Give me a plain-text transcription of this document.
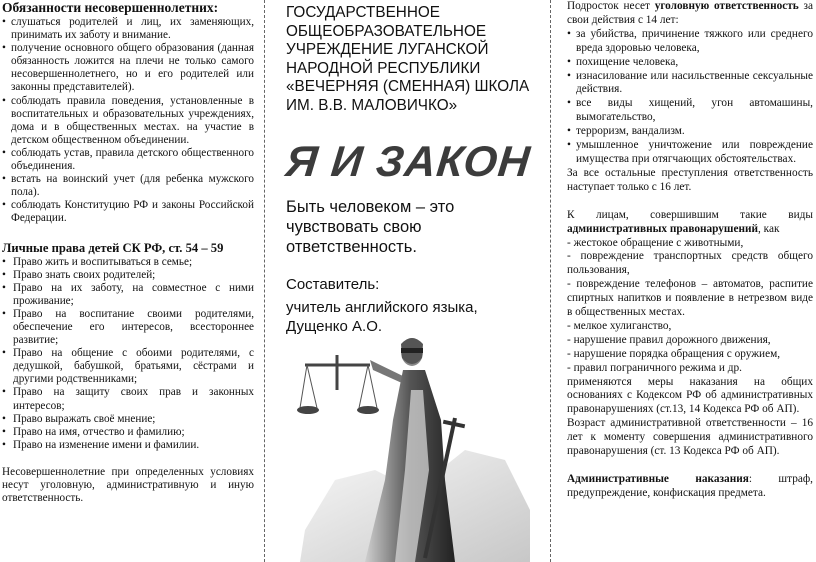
Обязанности несовершеннолетних:
• слушаться родителей и лиц, их заменяющих, принимать их заботу и внимание.
• получение основного общего образования (данная обязанность ложится на плечи не только самого несовершеннолетнего, но и его родителей или законны представителей).
• соблюдать правила поведения, установленные в воспитательных и образовательных учреждениях, дома и в общественных местах. на участие в детском общественном объединении.
• соблюдать устав, правила детского общественного объединения.
• встать на воинский учет (для ребенка мужского пола).
• соблюдать Конституцию РФ и законы Российской Федерации.
Личные права детей СК РФ, ст. 54 – 59
• Право жить и воспитываться в семье;
• Право знать своих родителей;
• Право на их заботу, на совместное с ними проживание;
• Право на воспитание своими родителями, обеспечение его интересов, всестороннее развитие;
• Право на общение с обоими родителями, с дедушкой, бабушкой, братьями, сёстрами и другими родственниками;
• Право на защиту своих прав и законных интересов;
• Право выражать своё мнение;
• Право на имя, отчество и фамилию;
• Право на изменение имени и фамилии.
Несовершеннолетние при определенных условиях несут уголовную, административную и иную ответственность.
ГОСУДАРСТВЕННОЕ ОБЩЕОБРАЗОВАТЕЛЬНОЕ УЧРЕЖДЕНИЕ ЛУГАНСКОЙ НАРОДНОЙ РЕСПУБЛИКИ «ВЕЧЕРНЯЯ (СМЕННАЯ) ШКОЛА ИМ. В.В. МАЛОВИЧКО»
Я И ЗАКОН
Быть человеком – это чувствовать свою ответственность.
Составитель:
учитель английского языка, Дущенко А.О.
Подросток несет уголовную ответственность за свои действия с 14 лет:
• за убийства, причинение тяжкого или среднего вреда здоровью человека,
• похищение человека,
• изнасилование или насильственные сексуальные действия.
• все виды хищений, угон автомашины, вымогательство,
• терроризм, вандализм.
• умышленное уничтожение или повреждение имущества при отягчающих обстоятельствах.
За все остальные преступления ответственность наступает только с 16 лет.
К лицам, совершившим такие виды административных правонарушений, как
- жестокое обращение с животными,
- повреждение транспортных средств общего пользования,
- повреждение телефонов – автоматов, распитие спиртных напитков и появление в нетрезвом виде в общественных местах.
- мелкое хулиганство,
- нарушение правил дорожного движения,
- нарушение порядка обращения с оружием,
- правил пограничного режима и др.
применяются меры наказания на общих основаниях с Кодексом РФ об административных правонарушениях (ст.13, 14 Кодекса РФ об АП).
Возраст административной ответственности – 16 лет к моменту совершения административного правонарушения (ст. 13 Кодекса РФ об АП).
Административные наказания: штраф, предупреждение, конфискация предмета.
